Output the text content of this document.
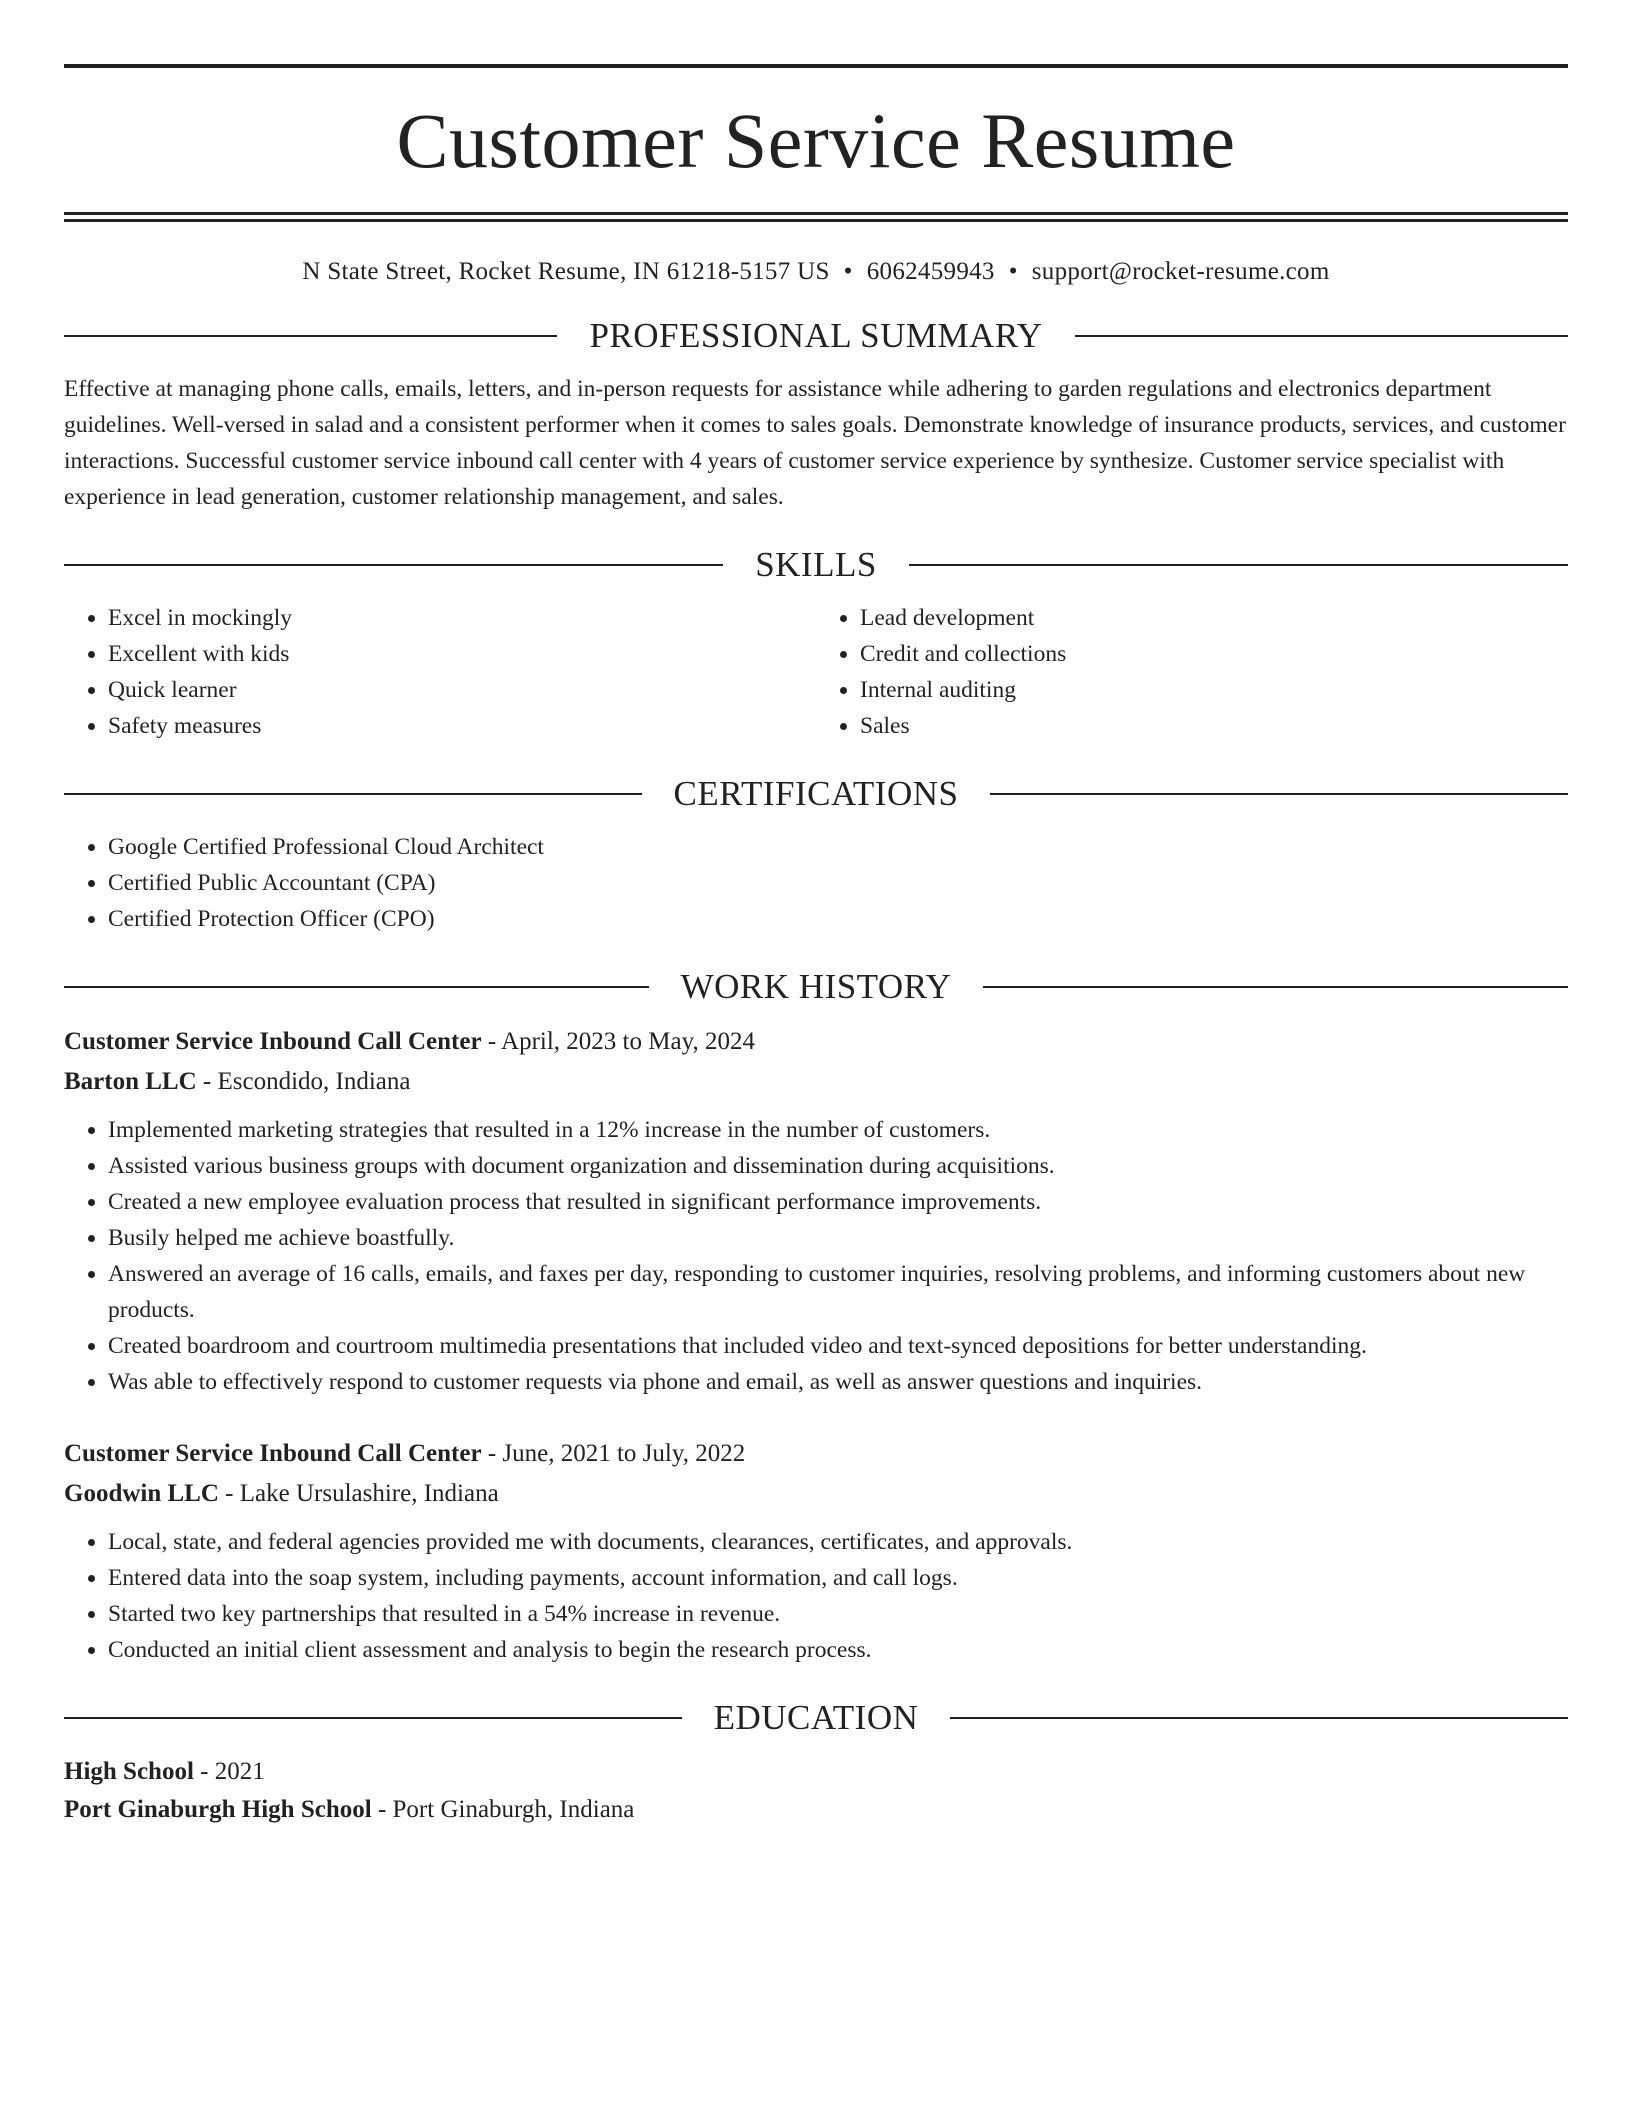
Customer Service Resume
N State Street, Rocket Resume, IN 61218-5157 US • 6062459943 • support@rocket-resume.com
PROFESSIONAL SUMMARY

Effective at managing phone calls, emails, letters, and in-person requests for assistance while adhering to garden regulations and electronics department guidelines. Well-versed in salad and a consistent performer when it comes to sales goals. Demonstrate knowledge of insurance products, services, and customer interactions. Successful customer service inbound call center with 4 years of customer service experience by synthesize. Customer service specialist with experience in lead generation, customer relationship management, and sales.

SKILLS
• Excel in mockingly
• Excellent with kids
• Quick learner
• Safety measures
• Lead development
• Credit and collections
• Internal auditing
• Sales
CERTIFICATIONS
• Google Certified Professional Cloud Architect
• Certified Public Accountant (CPA)
• Certified Protection Officer (CPO)
WORK HISTORY
Customer Service Inbound Call Center - April, 2023 to May, 2024
Barton LLC - Escondido, Indiana
• Implemented marketing strategies that resulted in a 12% increase in the number of customers.
• Assisted various business groups with document organization and dissemination during acquisitions.
• Created a new employee evaluation process that resulted in significant performance improvements.
• Busily helped me achieve boastfully.
• Answered an average of 16 calls, emails, and faxes per day, responding to customer inquiries, resolving problems, and informing customers about new products.
• Created boardroom and courtroom multimedia presentations that included video and text-synced depositions for better understanding.
• Was able to effectively respond to customer requests via phone and email, as well as answer questions and inquiries.
Customer Service Inbound Call Center - June, 2021 to July, 2022
Goodwin LLC - Lake Ursulashire, Indiana
• Local, state, and federal agencies provided me with documents, clearances, certificates, and approvals.
• Entered data into the soap system, including payments, account information, and call logs.
• Started two key partnerships that resulted in a 54% increase in revenue.
• Conducted an initial client assessment and analysis to begin the research process.
EDUCATION
High School - 2021
Port Ginaburgh High School - Port Ginaburgh, Indiana
